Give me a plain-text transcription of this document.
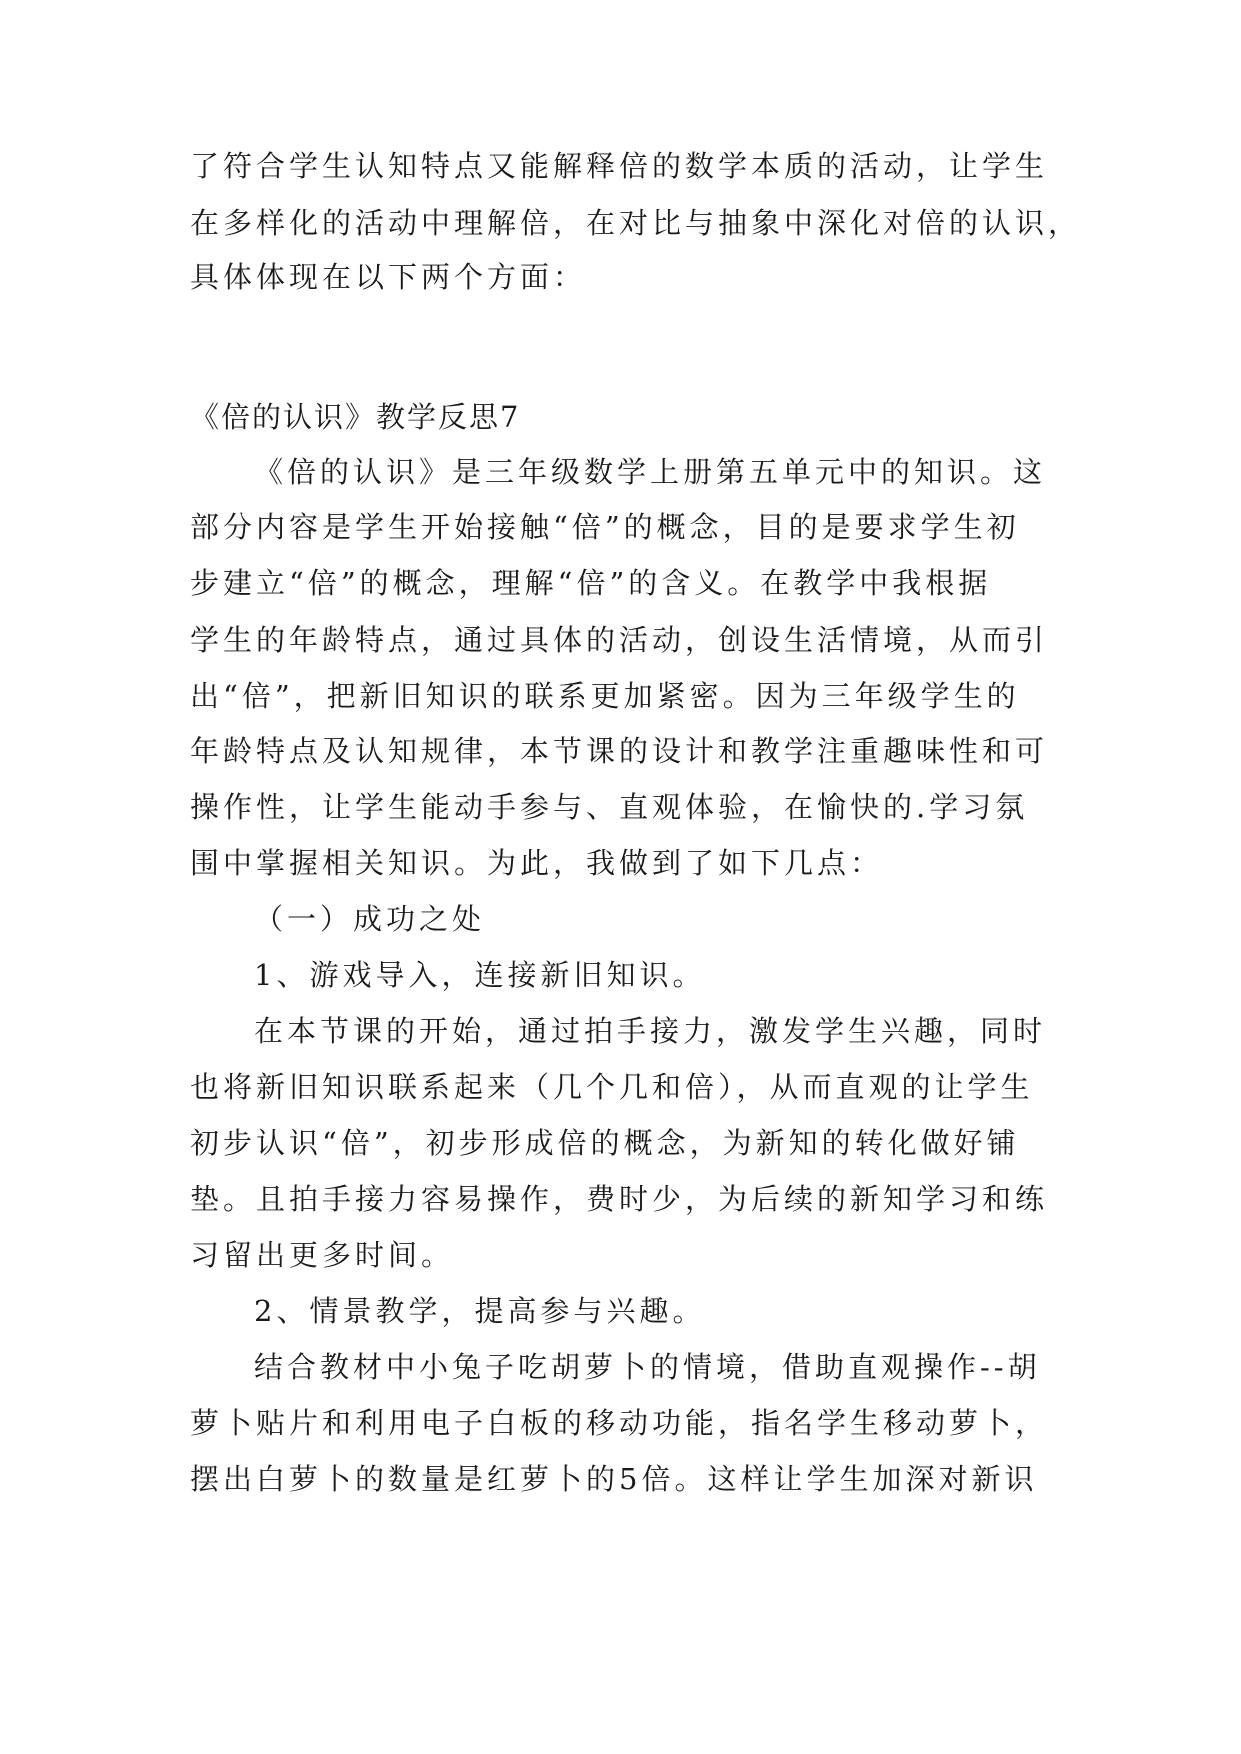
了符合学生认知特点又能解释倍的数学本质的活动，让学生
在多样化的活动中理解倍，在对比与抽象中深化对倍的认识，
具体体现在以下两个方面：
《倍的认识》教学反思7
《倍的认识》是三年级数学上册第五单元中的知识。这
部分内容是学生开始接触“倍”的概念，目的是要求学生初
步建立“倍”的概念，理解“倍”的含义。在教学中我根据
学生的年龄特点，通过具体的活动，创设生活情境，从而引
出“倍”，把新旧知识的联系更加紧密。因为三年级学生的
年龄特点及认知规律，本节课的设计和教学注重趣味性和可
操作性，让学生能动手参与、直观体验，在愉快的.学习氛
围中掌握相关知识。为此，我做到了如下几点：
（一）成功之处
1、游戏导入，连接新旧知识。
在本节课的开始，通过拍手接力，激发学生兴趣，同时
也将新旧知识联系起来（几个几和倍），从而直观的让学生
初步认识“倍”，初步形成倍的概念，为新知的转化做好铺
垫。且拍手接力容易操作，费时少，为后续的新知学习和练
习留出更多时间。
2、情景教学，提高参与兴趣。
结合教材中小兔子吃胡萝卜的情境，借助直观操作--胡
萝卜贴片和利用电子白板的移动功能，指名学生移动萝卜，
摆出白萝卜的数量是红萝卜的5倍。这样让学生加深对新识
